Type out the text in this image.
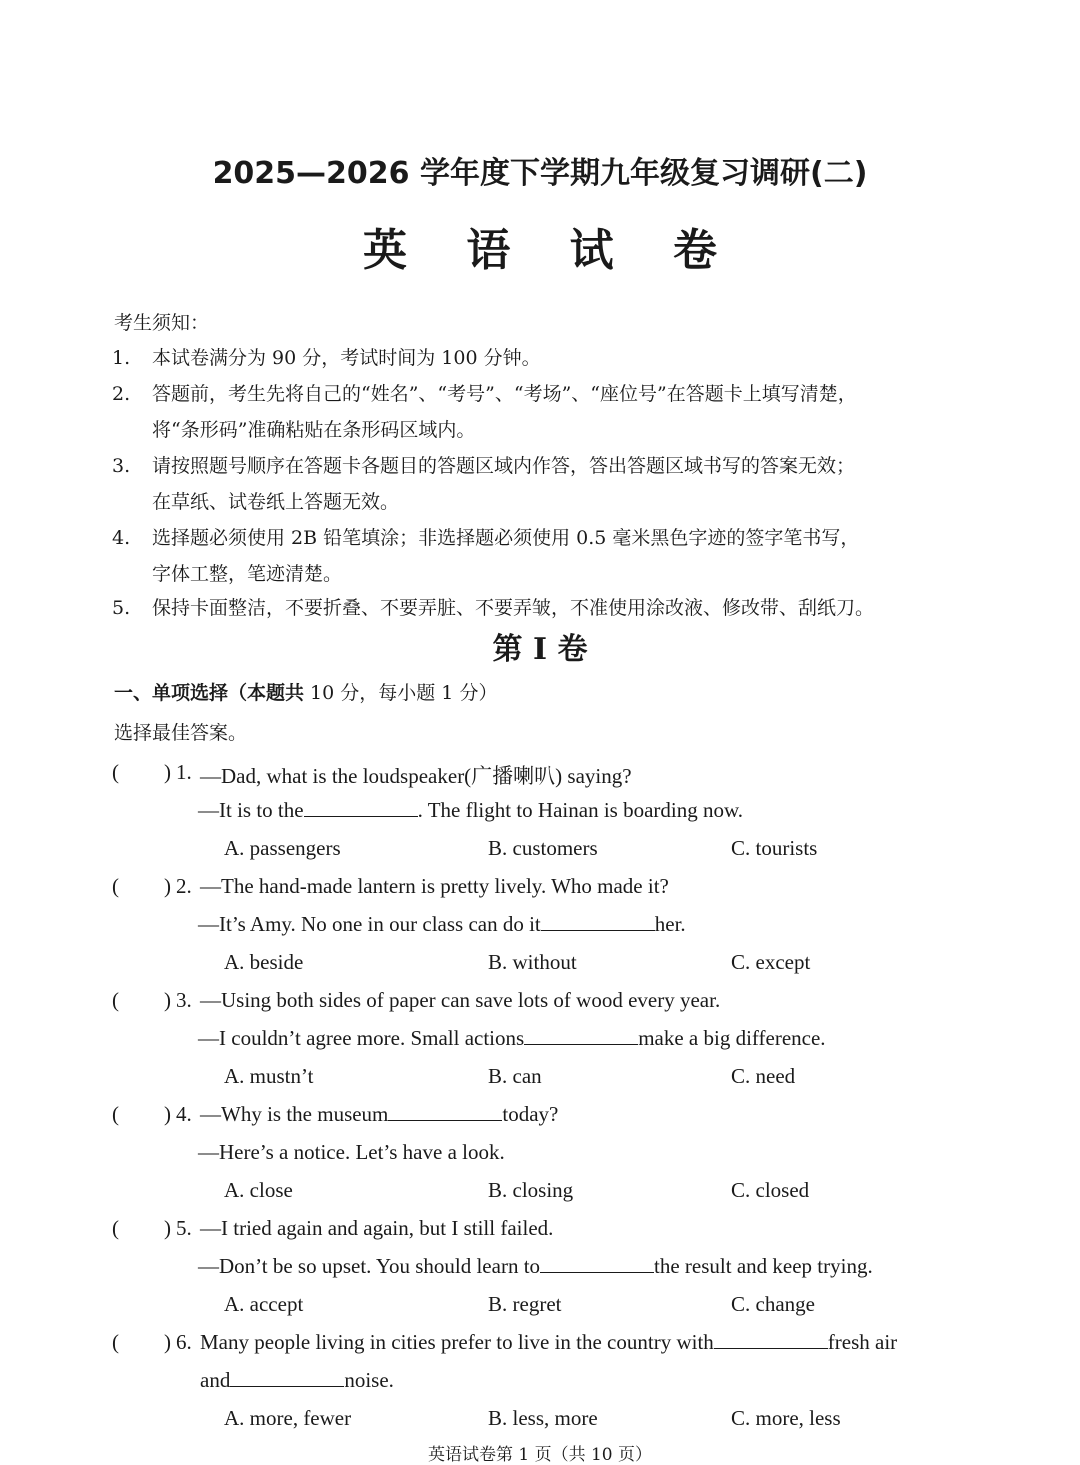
2025—2026 学年度下学期九年级复习调研(二)
英 语 试 卷
考生须知：
1. 本试卷满分为 90 分，考试时间为 100 分钟。
2. 答题前，考生先将自己的“姓名”、“考号”、“考场”、“座位号”在答题卡上填写清楚，
将“条形码”准确粘贴在条形码区域内。
3. 请按照题号顺序在答题卡各题目的答题区域内作答，答出答题区域书写的答案无效；
在草纸、试卷纸上答题无效。
4. 选择题必须使用 2B 铅笔填涂；非选择题必须使用 0.5 毫米黑色字迹的签字笔书写，
字体工整，笔迹清楚。
5. 保持卡面整洁，不要折叠、不要弄脏、不要弄皱，不准使用涂改液、修改带、刮纸刀。
第 I 卷
一、单项选择（本题共 10 分，每小题 1 分）
选择最佳答案。
( ) 1. —Dad, what is the loudspeaker(广播喇叭) saying?
—It is to the	. The flight to Hainan is boarding now.
A. passengers	B. customers	C. tourists
( ) 2. —The hand-made lantern is pretty lively. Who made it?
—It’s Amy. No one in our class can do it	her.
A. beside	B. without	C. except
( ) 3. —Using both sides of paper can save lots of wood every year.
—I couldn’t agree more. Small actions	make a big difference.
A. mustn’t	B. can	C. need
( ) 4. —Why is the museum	today?
—Here’s a notice. Let’s have a look.
A. close	B. closing	C. closed
( ) 5. —I tried again and again, but I still failed.
—Don’t be so upset. You should learn to	the result and keep trying.
A. accept	B. regret	C. change
( ) 6. Many people living in cities prefer to live in the country with	fresh air
and	noise.
A. more, fewer	B. less, more	C. more, less
英语试卷第 1 页（共 10 页）
